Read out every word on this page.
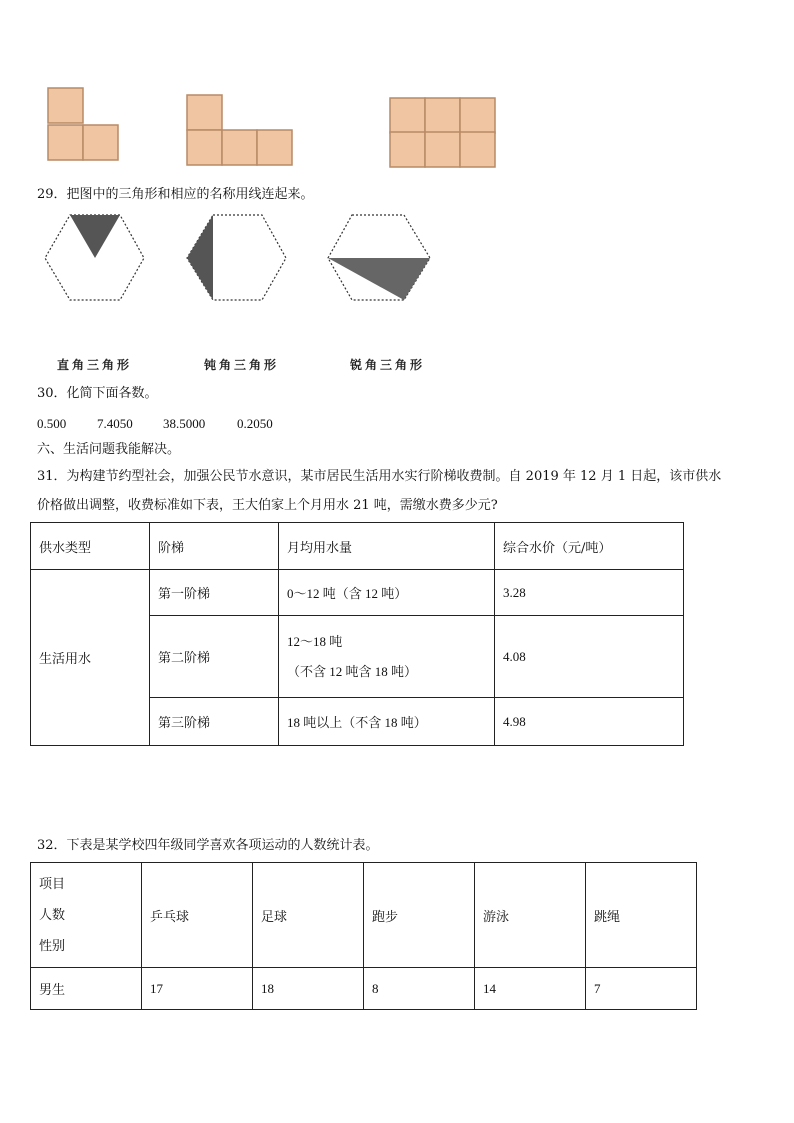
29．把图中的三角形和相应的名称用线连起来。
直角三角形	钝角三角形	锐角三角形
30．化简下面各数。
0.500 7.4050 38.5000 0.2050
六、生活问题我能解决。
31．为构建节约型社会，加强公民节水意识，某市居民生活用水实行阶梯收费制。自 2019 年 12 月 1 日起，该市供水
价格做出调整，收费标准如下表，王大伯家上个月用水 21 吨，需缴水费多少元?
供水类型	阶梯	月均用水量	综合水价（元/吨）
生活用水	第一阶梯	0～12 吨（含 12 吨）	3.28
	第二阶梯	12～18 吨
（不含 12 吨含 18 吨）	4.08
	第三阶梯	18 吨以上（不含 18 吨）	4.98
32．下表是某学校四年级同学喜欢各项运动的人数统计表。
项目
人数
性别	乒乓球	足球	跑步	游泳	跳绳
男生	17	18	8	14	7
